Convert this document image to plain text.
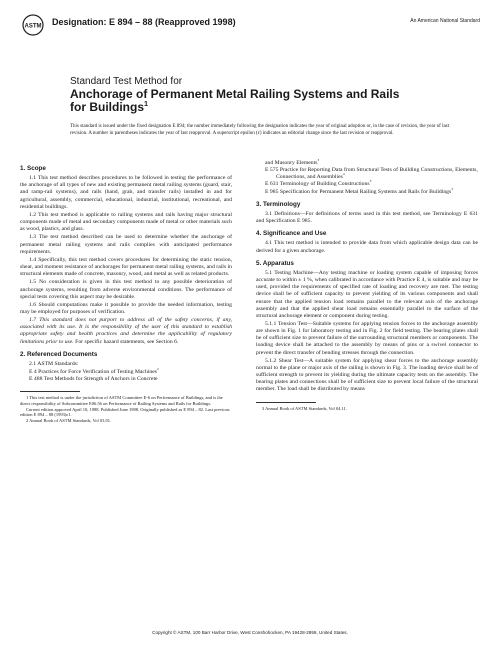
ASTM Designation: E 894 – 88 (Reapproved 1998)	An American National Standard
Standard Test Method for
Anchorage of Permanent Metal Railing Systems and Rails
for Buildings$^1$
This standard is issued under the fixed designation E 894; the number immediately following the designation indicates the year of original adoption or, in the case of revision, the year of last revision. A number in parentheses indicates the year of last reapproval. A superscript epsilon (ε) indicates an editorial change since the last revision or reapproval.
1. Scope
1.1 This test method describes procedures to be followed in testing the performance of the anchorage of all types of new and existing permanent metal railing systems (guard, stair, and ramp-rail systems), and rails (hand, grab, and transfer rails) installed in and for agricultural, assembly, commercial, educational, industrial, institutional, recreational, and residential buildings.
1.2 This test method is applicable to railing systems and rails having major structural components made of metal and secondary components made of metal or other materials such as wood, plastics, and glass.
1.3 The test method described can be used to determine whether the anchorage of permanent metal railing systems and rails complies with anticipated performance requirements.
1.4 Specifically, this test method covers procedures for determining the static tension, shear, and moment resistance of anchorages for permanent metal railing systems, and rails in structural elements made of concrete, masonry, wood, and metal as well as related products.
1.5 No consideration is given in this test method to any possible deterioration of anchorage systems, resulting from adverse environmental conditions. The performance of special tests covering this aspect may be desirable.
1.6 Should computations make it possible to provide the needed information, testing may be employed for purposes of verification.
1.7 This standard does not purport to address all of the safety concerns, if any, associated with its use. It is the responsibility of the user of this standard to establish appropriate safety and health practices and determine the applicability of regulatory limitations prior to use. For specific hazard statements, see Section 6.
2. Referenced Documents
2.1 ASTM Standards:
E 4 Practices for Force Verification of Testing Machines$^2$
E 488 Test Methods for Strength of Anchors in Concrete
1 This test method is under the jurisdiction of ASTM Committee E-6 on Performance of Buildings, and is the direct responsibility of Subcommittee E06.56 on Performance of Railing Systems and Rails for Buildings.
Current edition approved April 10, 1988. Published June 1988. Originally published as E 894 – 82. Last previous edition E 894 – 88 (1993)ε1.
2 Annual Book of ASTM Standards, Vol 03.01.
and Masonry Elements$^3$
E 575 Practice for Reporting Data from Structural Tests of Building Constructions, Elements, Connections, and Assemblies$^4$
E 631 Terminology of Building Constructions$^3$
E 985 Specification for Permanent Metal Railing Systems and Rails for Buildings$^3$
3. Terminology
3.1 Definitions—For definitions of terms used in this test method, see Terminology E 631 and Specification E 985.
4. Significance and Use
4.1 This test method is intended to provide data from which applicable design data can be derived for a given anchorage.
5. Apparatus
5.1 Testing Machine—Any testing machine or loading system capable of imposing forces accurate to within ± 1 %, when calibrated in accordance with Practice E 4, is suitable and may be used, provided the requirements of specified rate of loading and recovery are met. The testing device shall be of sufficient capacity to prevent yielding of its various components and shall ensure that the applied tension load remains parallel to the relevant axis of the anchorage assembly and that the applied shear load remains essentially parallel to the surface of the structural anchorage element or component during testing.
5.1.1 Tension Test—Suitable systems for applying tension forces to the anchorage assembly are shown in Fig. 1 for laboratory testing and in Fig. 2 for field testing. The bearing plates shall be of sufficient size to prevent failure of the surrounding structural members or components. The loading device shall be attached to the assembly by means of pins or a swivel connector to prevent the direct transfer of bending stresses through the connection.
5.1.2 Shear Test—A suitable system for applying shear forces to the anchorage assembly normal to the plane or major axis of the railing is shown in Fig. 3. The loading device shall be of sufficient strength to prevent its yielding during the ultimate capacity tests on the assembly. The bearing plates and connections shall be of sufficient size to prevent local failure of the structural member. The load shall be distributed by means
3 Annual Book of ASTM Standards, Vol 04.11.
Copyright © ASTM, 100 Barr Harbor Drive, West Conshohocken, PA 19428-2959, United States.
